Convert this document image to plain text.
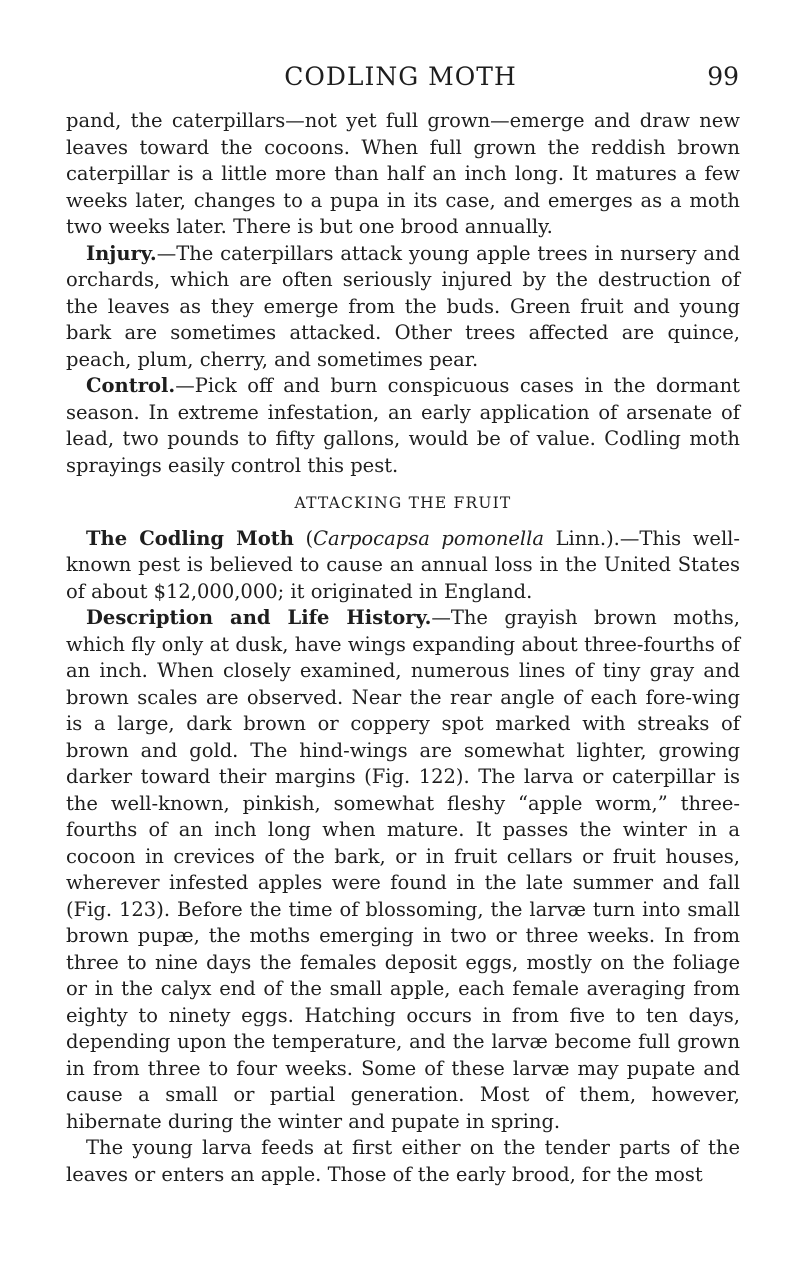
CODLING MOTH	99

pand, the caterpillars—not yet full grown—emerge and draw new leaves toward the cocoons. When full grown the reddish brown caterpillar is a little more than half an inch long. It matures a few weeks later, changes to a pupa in its case, and emerges as a moth two weeks later. There is but one brood annually.

Injury.—The caterpillars attack young apple trees in nursery and orchards, which are often seriously injured by the destruction of the leaves as they emerge from the buds. Green fruit and young bark are sometimes attacked. Other trees affected are quince, peach, plum, cherry, and sometimes pear.

Control.—Pick off and burn conspicuous cases in the dormant season. In extreme infestation, an early application of arsenate of lead, two pounds to fifty gallons, would be of value. Codling moth sprayings easily control this pest.

ATTACKING THE FRUIT

The Codling Moth (Carpocapsa pomonella Linn.).—This well-known pest is believed to cause an annual loss in the United States of about $12,000,000; it originated in England.

Description and Life History.—The grayish brown moths, which fly only at dusk, have wings expanding about three-fourths of an inch. When closely examined, numerous lines of tiny gray and brown scales are observed. Near the rear angle of each fore-wing is a large, dark brown or coppery spot marked with streaks of brown and gold. The hind-wings are somewhat lighter, growing darker toward their margins (Fig. 122). The larva or caterpillar is the well-known, pinkish, somewhat fleshy “apple worm,” three-fourths of an inch long when mature. It passes the winter in a cocoon in crevices of the bark, or in fruit cellars or fruit houses, wherever infested apples were found in the late summer and fall (Fig. 123). Before the time of blossoming, the larvæ turn into small brown pupæ, the moths emerging in two or three weeks. In from three to nine days the females deposit eggs, mostly on the foliage or in the calyx end of the small apple, each female averaging from eighty to ninety eggs. Hatching occurs in from five to ten days, depending upon the temperature, and the larvæ become full grown in from three to four weeks. Some of these larvæ may pupate and cause a small or partial generation. Most of them, however, hibernate during the winter and pupate in spring.

The young larva feeds at first either on the tender parts of the leaves or enters an apple. Those of the early brood, for the most
